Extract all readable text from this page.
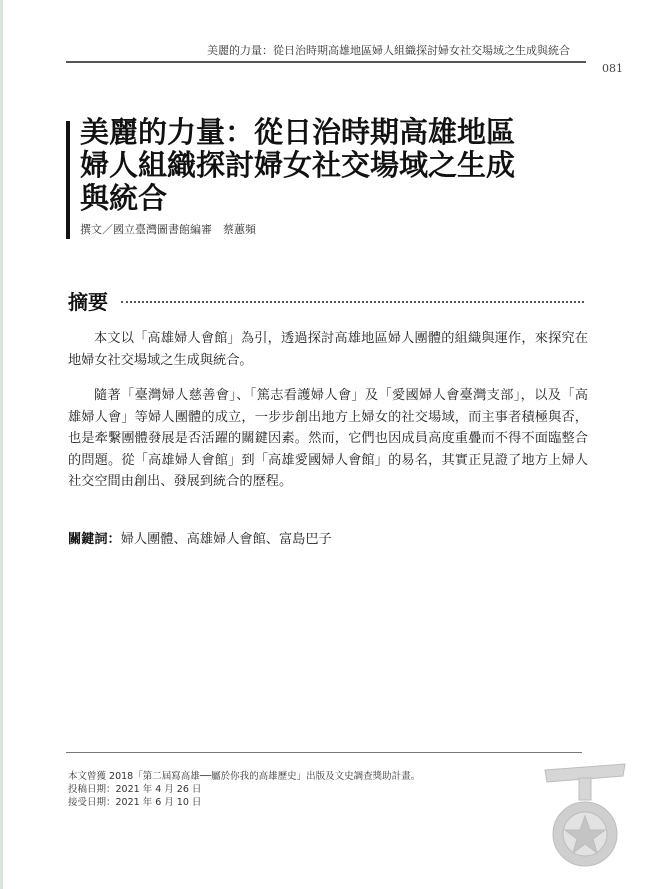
美麗的力量：從日治時期高雄地區婦人組織探討婦女社交場域之生成與統合
081
美麗的力量：從日治時期高雄地區
婦人組織探討婦女社交場域之生成
與統合
撰文／國立臺灣圖書館編審　蔡蕙頻
摘要

本文以「高雄婦人會館」為引，透過探討高雄地區婦人團體的組織與運作，來探究在地婦女社交場域之生成與統合。

隨著「臺灣婦人慈善會」、「篤志看護婦人會」及「愛國婦人會臺灣支部」，以及「高雄婦人會」等婦人團體的成立，一步步創出地方上婦女的社交場域，而主事者積極與否，也是牽繫團體發展是否活躍的關鍵因素。然而，它們也因成員高度重疊而不得不面臨整合的問題。從「高雄婦人會館」到「高雄愛國婦人會館」的易名，其實正見證了地方上婦人社交空間由創出、發展到統合的歷程。

關鍵詞：婦人團體、高雄婦人會館、富島巴子
本文曾獲 2018「第二屆寫高雄──屬於你我的高雄歷史」出版及文史調查獎助計畫。
投稿日期：2021 年 4 月 26 日
接受日期：2021 年 6 月 10 日
